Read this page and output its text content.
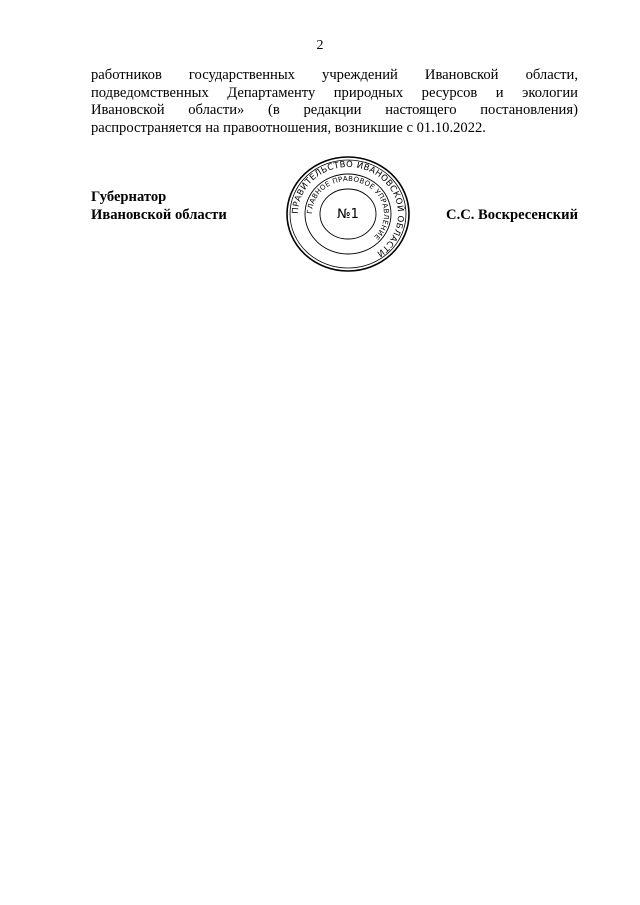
2
работников государственных учреждений Ивановской области,
подведомственных Департаменту природных ресурсов и экологии
Ивановской области» (в редакции настоящего постановления)
распространяется на правоотношения, возникшие с 01.10.2022.
Губернатор
Ивановской области	ПРАВИТЕЛЬСТВО ИВАНОВСКОЙ ОБЛАСТИ
ГЛАВНОЕ ПРАВОВОЕ УПРАВЛЕНИЕ
№1	С.С. Воскресенский
